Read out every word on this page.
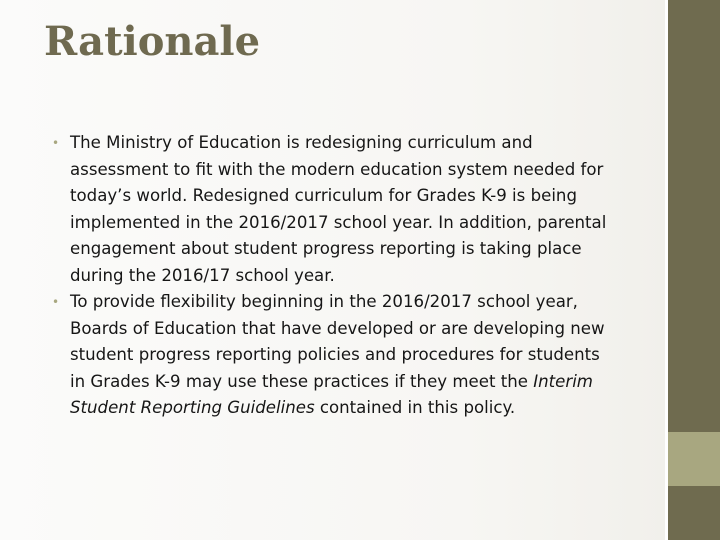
Rationale
• The Ministry of Education is redesigning curriculum and assessment to fit with the modern education system needed for today’s world. Redesigned curriculum for Grades K-9 is being implemented in the 2016/2017 school year. In addition, parental engagement about student progress reporting is taking place during the 2016/17 school year.
• To provide flexibility beginning in the 2016/2017 school year, Boards of Education that have developed or are developing new student progress reporting policies and procedures for students in Grades K-9 may use these practices if they meet the Interim Student Reporting Guidelines contained in this policy.
